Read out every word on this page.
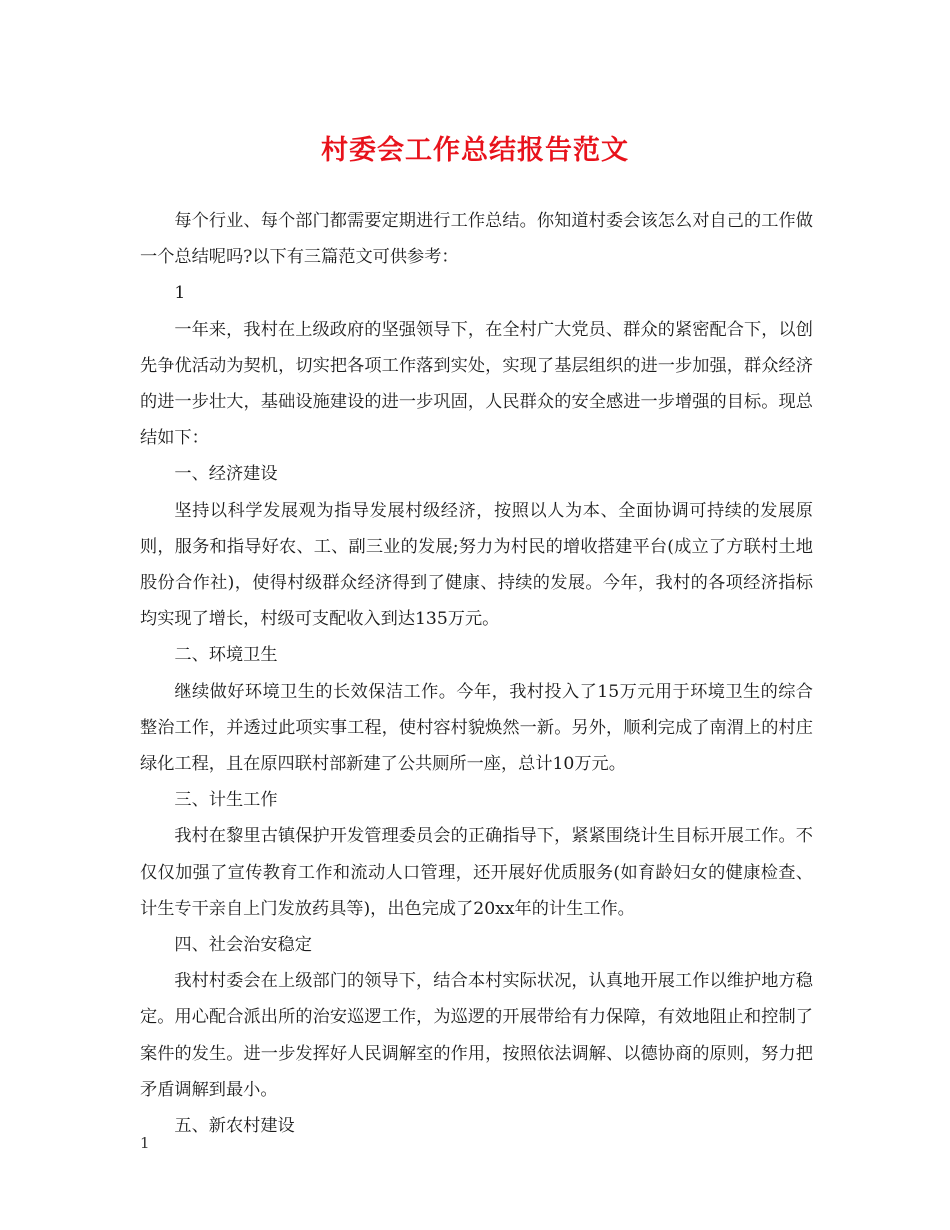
村委会工作总结报告范文

每个行业、每个部门都需要定期进行工作总结。你知道村委会该怎么对自己的工作做一个总结呢吗?以下有三篇范文可供参考：

1

一年来，我村在上级政府的坚强领导下，在全村广大党员、群众的紧密配合下，以创先争优活动为契机，切实把各项工作落到实处，实现了基层组织的进一步加强，群众经济的进一步壮大，基础设施建设的进一步巩固，人民群众的安全感进一步增强的目标。现总结如下：

一、经济建设

坚持以科学发展观为指导发展村级经济，按照以人为本、全面协调可持续的发展原则，服务和指导好农、工、副三业的发展;努力为村民的增收搭建平台(成立了方联村土地股份合作社)，使得村级群众经济得到了健康、持续的发展。今年，我村的各项经济指标均实现了增长，村级可支配收入到达135万元。

二、环境卫生

继续做好环境卫生的长效保洁工作。今年，我村投入了15万元用于环境卫生的综合整治工作，并透过此项实事工程，使村容村貌焕然一新。另外，顺利完成了南渭上的村庄绿化工程，且在原四联村部新建了公共厕所一座，总计10万元。

三、计生工作

我村在黎里古镇保护开发管理委员会的正确指导下，紧紧围绕计生目标开展工作。不仅仅加强了宣传教育工作和流动人口管理，还开展好优质服务(如育龄妇女的健康检查、计生专干亲自上门发放药具等)，出色完成了20xx年的计生工作。

四、社会治安稳定

我村村委会在上级部门的领导下，结合本村实际状况，认真地开展工作以维护地方稳定。用心配合派出所的治安巡逻工作，为巡逻的开展带给有力保障，有效地阻止和控制了案件的发生。进一步发挥好人民调解室的作用，按照依法调解、以德协商的原则，努力把矛盾调解到最小。

五、新农村建设

1
